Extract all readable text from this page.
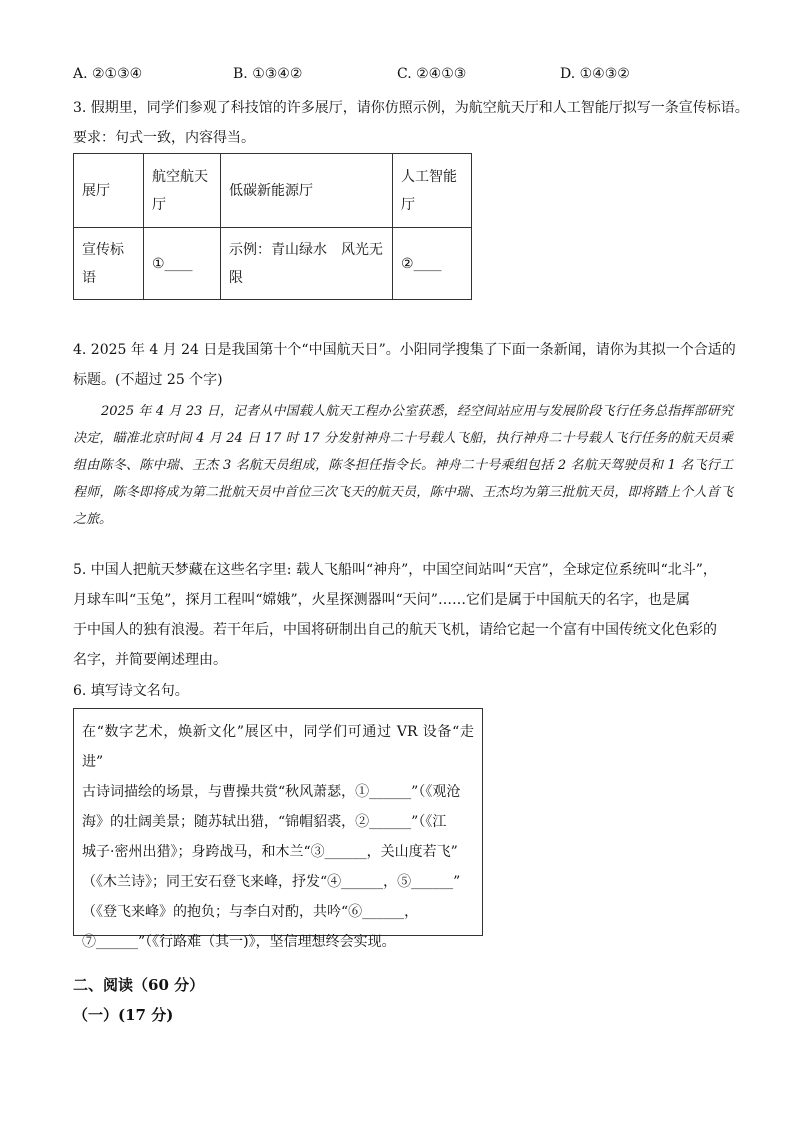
A. ②①③④	B. ①③④②	C. ②④①③	D. ①④③②
3. 假期里，同学们参观了科技馆的许多展厅，请你仿照示例，为航空航天厅和人工智能厅拟写一条宣传标语。
要求：句式一致，内容得当。
展厅	航空航天厅	低碳新能源厅	人工智能厅
宣传标语	①____	示例：青山绿水　风光无限	②____
4. 2025 年 4 月 24 日是我国第十个“中国航天日”。小阳同学搜集了下面一条新闻，请你为其拟一个合适的
标题。(不超过 25 个字)

2025 年 4 月 23 日，记者从中国载人航天工程办公室获悉，经空间站应用与发展阶段飞行任务总指挥部研究决定，瞄准北京时间 4 月 24 日 17 时 17 分发射神舟二十号载人飞船，执行神舟二十号载人飞行任务的航天员乘组由陈冬、陈中瑞、王杰 3 名航天员组成，陈冬担任指令长。神舟二十号乘组包括 2 名航天驾驶员和 1 名飞行工程师，陈冬即将成为第二批航天员中首位三次飞天的航天员，陈中瑞、王杰均为第三批航天员，即将踏上个人首飞之旅。

5. 中国人把航天梦藏在这些名字里: 载人飞船叫“神舟”，中国空间站叫“天宫”，全球定位系统叫“北斗”，
月球车叫“玉兔”，探月工程叫“嫦娥”，火星探测器叫“天问”……它们是属于中国航天的名字，也是属
于中国人的独有浪漫。若干年后，中国将研制出自己的航天飞机，请给它起一个富有中国传统文化色彩的
名字，并简要阐述理由。
6. 填写诗文名句。

在“数字艺术，焕新文化”展区中，同学们可通过 VR 设备“走进”

古诗词描绘的场景，与曹操共赏“秋风萧瑟，①______”（《观沧

海》的壮阔美景；随苏轼出猎，“锦帽貂裘，②______”（《江

城子·密州出猎》；身跨战马，和木兰“③______，关山度若飞”

（《木兰诗》；同王安石登飞来峰，抒发“④______，⑤______”

（《登飞来峰》的抱负；与李白对酌，共吟“⑥______，

⑦______”（《行路难（其一)》，坚信理想终会实现。

二、阅读（60 分）
（一）(17 分)
